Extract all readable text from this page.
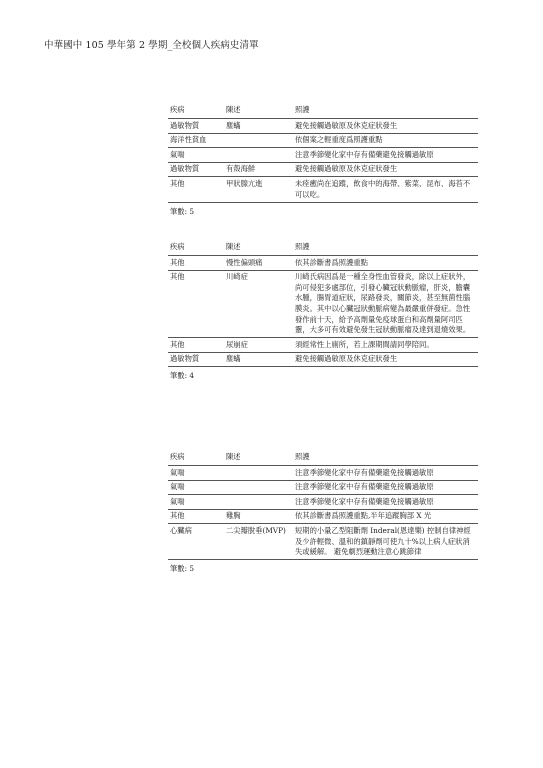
中華國中 105 學年第 2 學期_全校個人疾病史清單
疾病	陳述	照護
過敏物質	塵蟎	避免接觸過敏原及休克症狀發生
海洋性貧血		依個案之輕重度爲照護重點
氣喘		注意季節變化家中存有備藥避免接觸過敏原
過敏物質	有殼海鮮	避免接觸過敏原及休克症狀發生
其他	甲狀腺亢進	未痊癒尚在追蹤，飲食中的海帶、紫菜、昆布、海苔不可以吃。
筆數: 5
疾病	陳述	照護
其他	慢性偏頭痛	依其診斷書爲照護重點
其他	川崎症	川崎氏病因爲是一種全身性血管發炎，除以上症狀外，尚可侵犯多處部位，引發心臟冠狀動脈瘤，肝炎，膽囊水腫，腸胃道症狀，尿路發炎，關節炎，甚至無菌性腦膜炎。其中以心臟冠狀動脈病變為最嚴重併發症。急性發作前十天，給予高劑量免疫球蛋白和高劑量阿司匹靈，大多可有效避免發生冠狀動脈瘤及達到退燒效果。
其他	尿崩症	須經常性上廁所，若上課期間請同學陪同。
過敏物質	塵蟎	避免接觸過敏原及休克症狀發生
筆數: 4
疾病	陳述	照護
氣喘		注意季節變化家中存有備藥避免接觸過敏原
氣喘		注意季節變化家中存有備藥避免接觸過敏原
氣喘		注意季節變化家中存有備藥避免接觸過敏原
其他	雞胸	依其診斷書爲照護重點,半年追蹤胸部 X 光
心臟病	二尖瓣脫垂(MVP)	短期的小量乙型阻斷劑 Inderal(恩達樂) 控制自律神經及少許輕微、溫和的鎮靜劑可使九十%以上病人症狀消失或緩解。 避免劇烈運動注意心跳節律
筆數: 5
